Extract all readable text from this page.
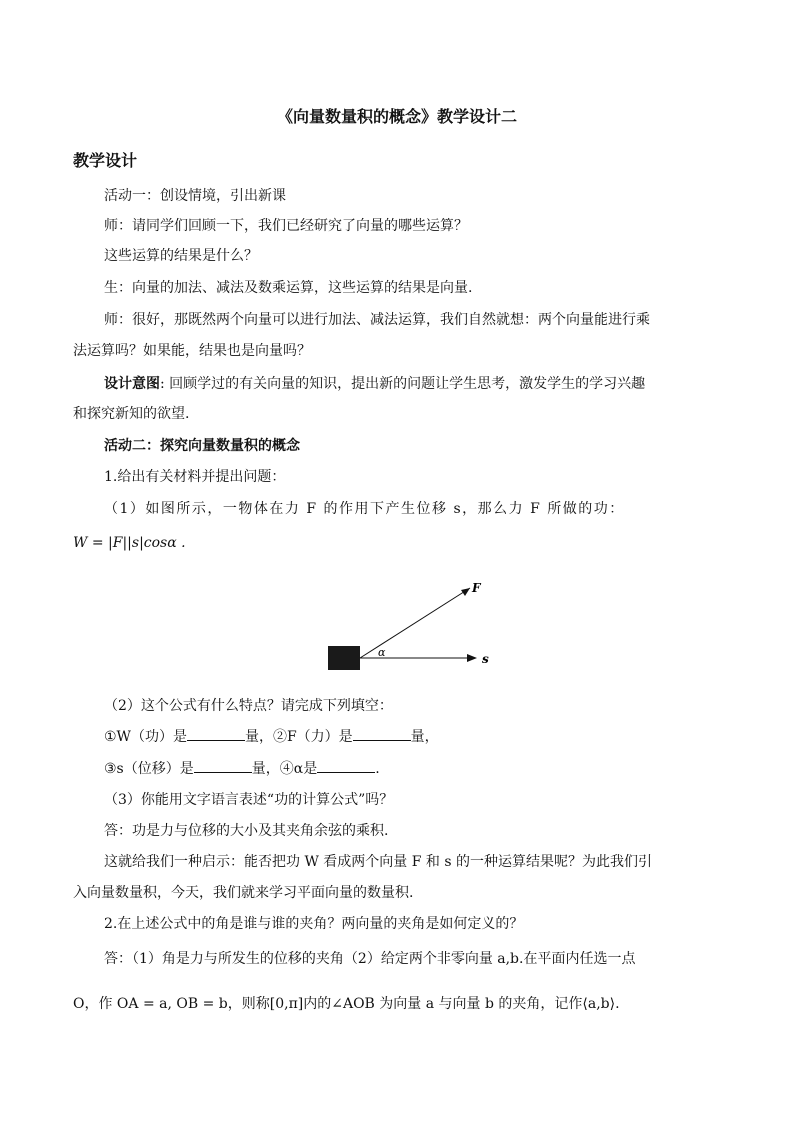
《向量数量积的概念》教学设计二
教学设计
活动一：创设情境，引出新课
师：请同学们回顾一下，我们已经研究了向量的哪些运算？
这些运算的结果是什么？
生：向量的加法、减法及数乘运算，这些运算的结果是向量.
师：很好，那既然两个向量可以进行加法、减法运算，我们自然就想：两个向量能进行乘
法运算吗？如果能，结果也是向量吗？
设计意图: 回顾学过的有关向量的知识，提出新的问题让学生思考，激发学生的学习兴趣
和探究新知的欲望.
活动二：探究向量数量积的概念
1.给出有关材料并提出问题：
（1）如图所示，一物体在力 F 的作用下产生位移 s，那么力 F 所做的功：
W = |F||s|cosα .
F
s
α
（2）这个公式有什么特点？请完成下列填空：
①W（功）是	量，②F（力）是	量，
③s（位移）是	量，④α是	.
（3）你能用文字语言表述“功的计算公式”吗？
答：功是力与位移的大小及其夹角余弦的乘积.
这就给我们一种启示：能否把功 W 看成两个向量 F 和 s 的一种运算结果呢？为此我们引
入向量数量积，今天，我们就来学习平面向量的数量积.
2.在上述公式中的角是谁与谁的夹角？两向量的夹角是如何定义的？
答：（1）角是力与所发生的位移的夹角（2）给定两个非零向量 a,b.在平面内任选一点
O，作 OA = a, OB = b，则称[0,π]内的∠AOB 为向量 a 与向量 b 的夹角，记作⟨a,b⟩.
